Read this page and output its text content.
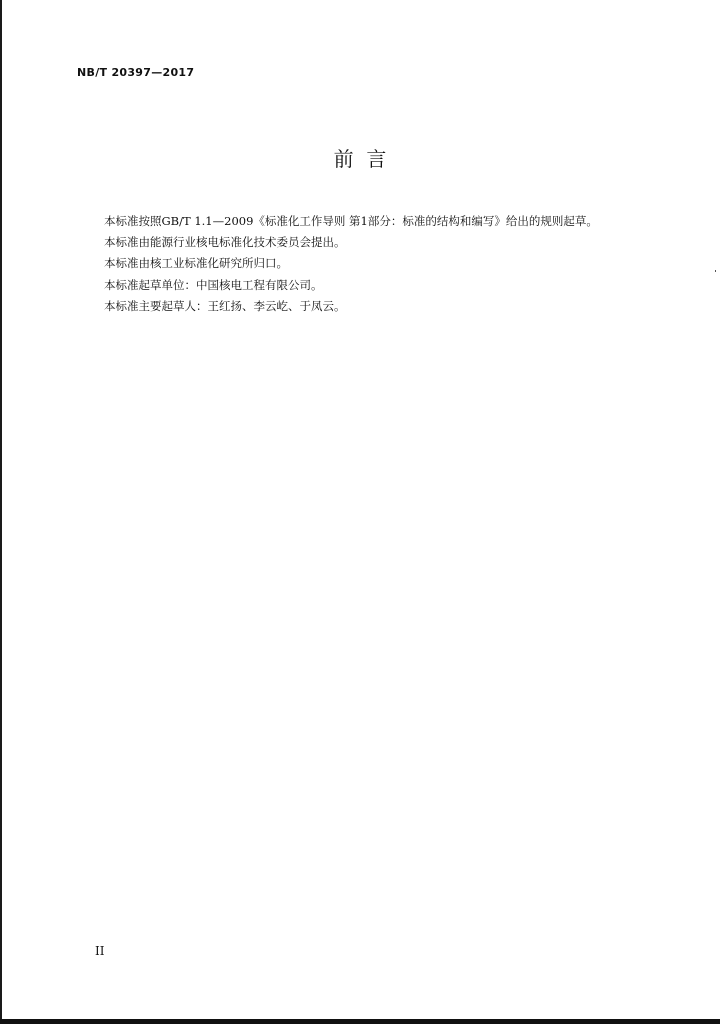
NB/T 20397—2017
前  言

本标准按照GB/T 1.1—2009《标准化工作导则 第1部分：标准的结构和编写》给出的规则起草。

本标准由能源行业核电标准化技术委员会提出。

本标准由核工业标准化研究所归口。

本标准起草单位：中国核电工程有限公司。

本标准主要起草人：王红扬、李云屹、于凤云。

II
